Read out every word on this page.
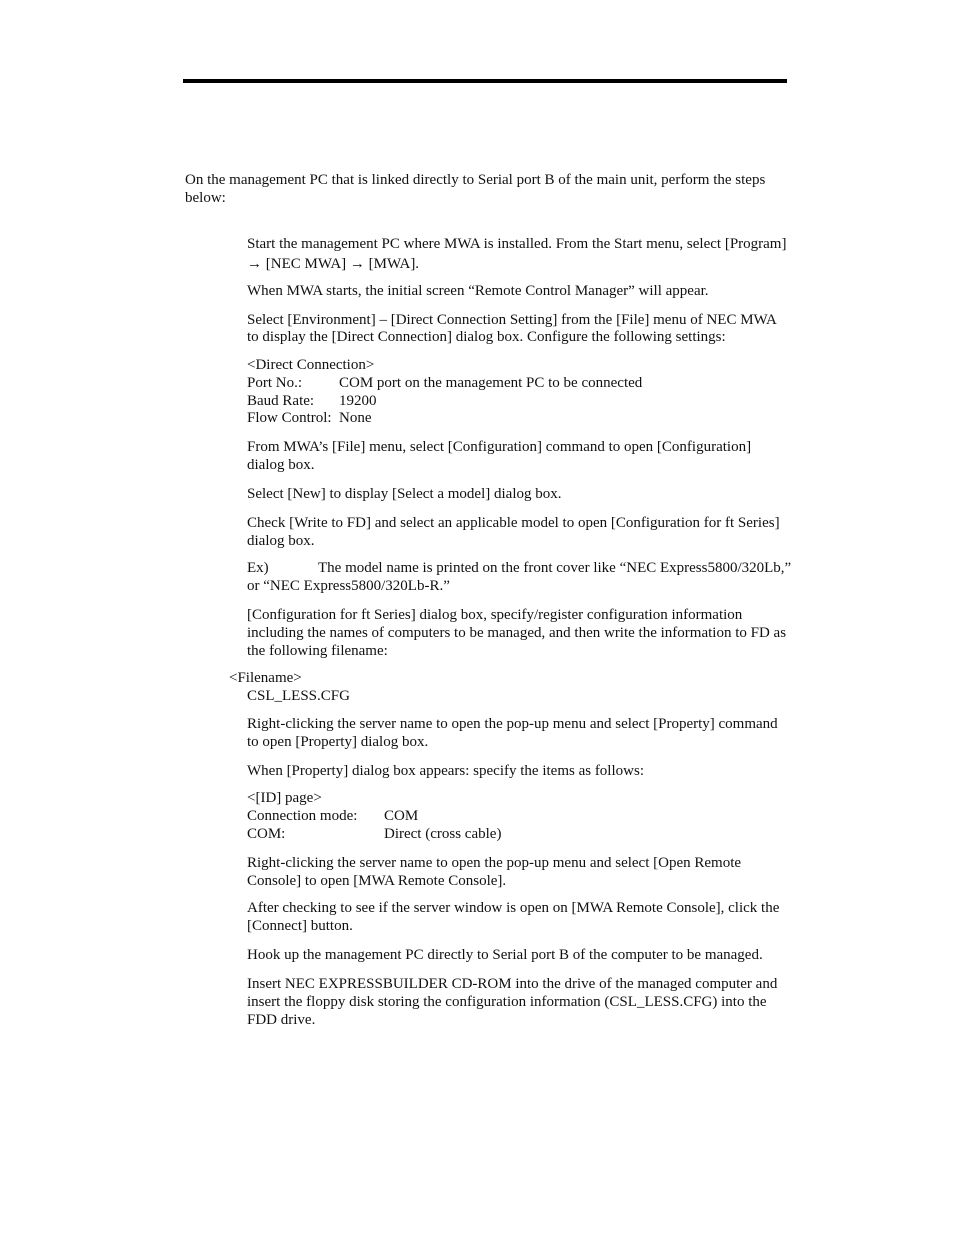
On the management PC that is linked directly to Serial port B of the main unit, perform the steps
below:
Start the management PC where MWA is installed. From the Start menu, select [Program]
→ [NEC MWA] → [MWA].
When MWA starts, the initial screen “Remote Control Manager” will appear.
Select [Environment] – [Direct Connection Setting] from the [File] menu of NEC MWA
to display the [Direct Connection] dialog box. Configure the following settings:
<Direct Connection>
Port No.: COM port on the management PC to be connected
Baud Rate: 19200
Flow Control: None
From MWA’s [File] menu, select [Configuration] command to open [Configuration]
dialog box.
Select [New] to display [Select a model] dialog box.
Check [Write to FD] and select an applicable model to open [Configuration for ft Series]
dialog box.
Ex)	The model name is printed on the front cover like “NEC Express5800/320Lb,”
or “NEC Express5800/320Lb-R.”
[Configuration for ft Series] dialog box, specify/register configuration information
including the names of computers to be managed, and then write the information to FD as
the following filename:
<Filename>
CSL_LESS.CFG
Right-clicking the server name to open the pop-up menu and select [Property] command
to open [Property] dialog box.
When [Property] dialog box appears: specify the items as follows:
<[ID] page>
Connection mode: COM
COM:	Direct (cross cable)
Right-clicking the server name to open the pop-up menu and select [Open Remote
Console] to open [MWA Remote Console].
After checking to see if the server window is open on [MWA Remote Console], click the
[Connect] button.
Hook up the management PC directly to Serial port B of the computer to be managed.
Insert NEC EXPRESSBUILDER CD-ROM into the drive of the managed computer and
insert the floppy disk storing the configuration information (CSL_LESS.CFG) into the
FDD drive.
